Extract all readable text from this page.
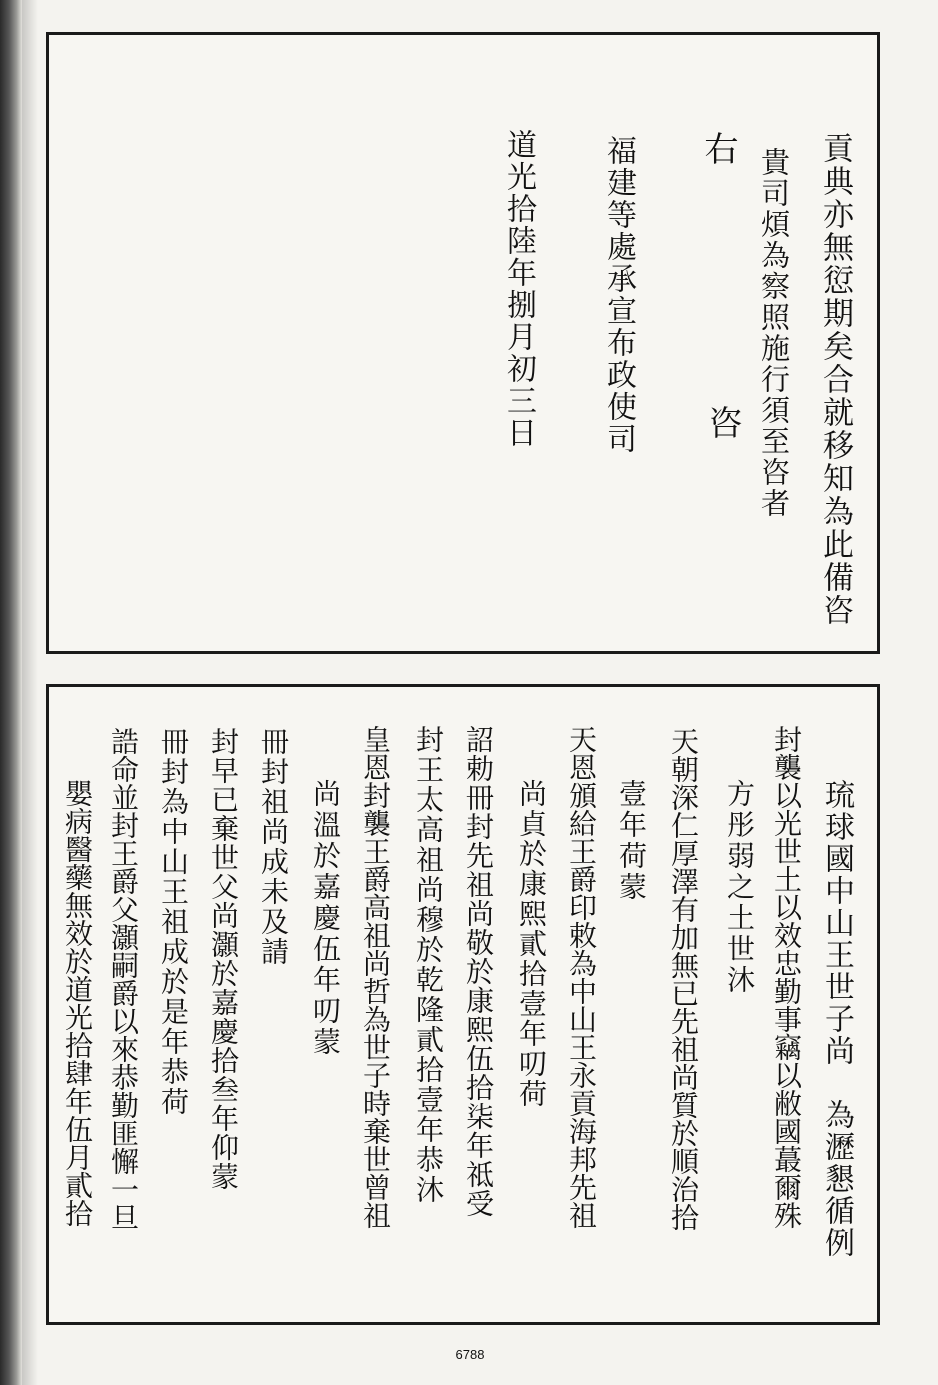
貢典亦無愆期矣合就移知為此備咨

貴司煩為察照施行須至咨者

右

咨

福建等處承宣布政使司

道光拾陸年捌月初三日

琉球國中山王世子尚　為瀝懇循例

封襲以光世土以效忠勤事竊以敝國蕞爾殊

方彤弱之土世沐

天朝深仁厚澤有加無已先祖尚質於順治拾

壹年荷蒙

天恩頒給王爵印敕為中山王永貢海邦先祖

尚貞於康熙貳拾壹年叨荷

詔勅冊封先祖尚敬於康熙伍拾柒年祗受

封王太高祖尚穆於乾隆貳拾壹年恭沐

皇恩封襲王爵高祖尚哲為世子時棄世曾祖

尚溫於嘉慶伍年叨蒙

冊封祖尚成未及請

封早已棄世父尚灝於嘉慶拾叁年仰蒙

冊封為中山王祖成於是年恭荷

誥命並封王爵父灝嗣爵以來恭勤匪懈一旦

嬰病醫藥無效於道光拾肆年伍月貳拾

6788
